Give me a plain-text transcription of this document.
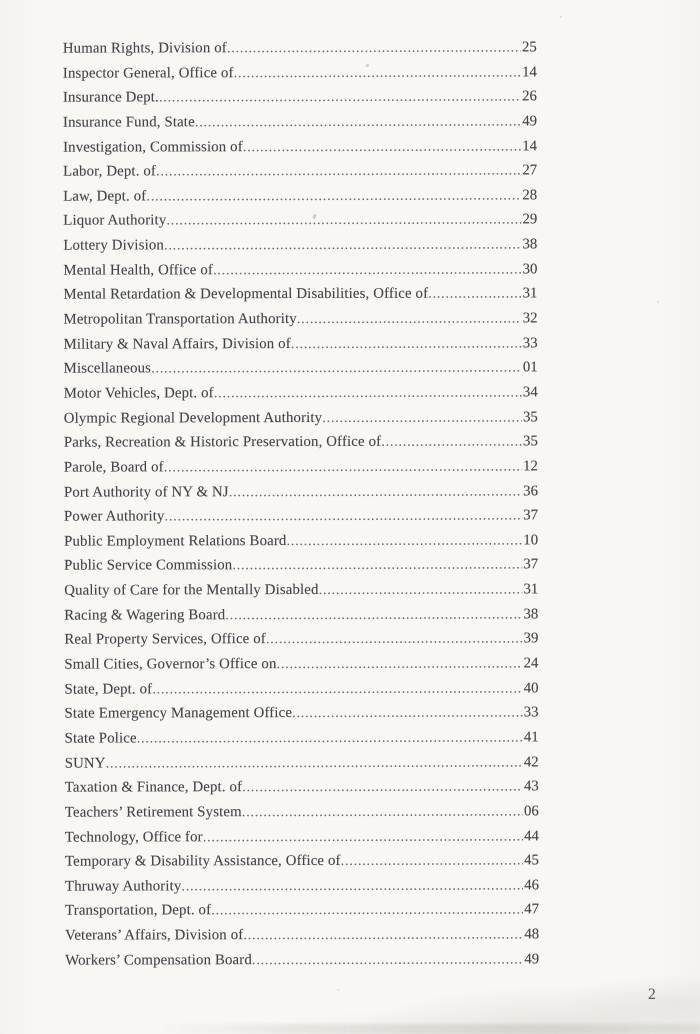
Human Rights, Division of .....	25
Inspector General, Office of .....	14
Insurance Dept. .....	26
Insurance Fund, State .....	49
Investigation, Commission of .....	14
Labor, Dept. of .....	27
Law, Dept. of .....	28
Liquor Authority .....	29
Lottery Division .....	38
Mental Health, Office of .....	30
Mental Retardation & Developmental Disabilities, Office of .....	31
Metropolitan Transportation Authority .....	32
Military & Naval Affairs, Division of .....	33
Miscellaneous .....	01
Motor Vehicles, Dept. of .....	34
Olympic Regional Development Authority .....	35
Parks, Recreation & Historic Preservation, Office of .....	35
Parole, Board of .....	12
Port Authority of NY & NJ .....	36
Power Authority .....	37
Public Employment Relations Board .....	10
Public Service Commission .....	37
Quality of Care for the Mentally Disabled .....	31
Racing & Wagering Board .....	38
Real Property Services, Office of .....	39
Small Cities, Governor’s Office on .....	24
State, Dept. of .....	40
State Emergency Management Office .....	33
State Police .....	41
SUNY .....	42
Taxation & Finance, Dept. of .....	43
Teachers’ Retirement System .....	06
Technology, Office for .....	44
Temporary & Disability Assistance, Office of .....	45
Thruway Authority .....	46
Transportation, Dept. of .....	47
Veterans’ Affairs, Division of .....	48
Workers’ Compensation Board .....	49
2
